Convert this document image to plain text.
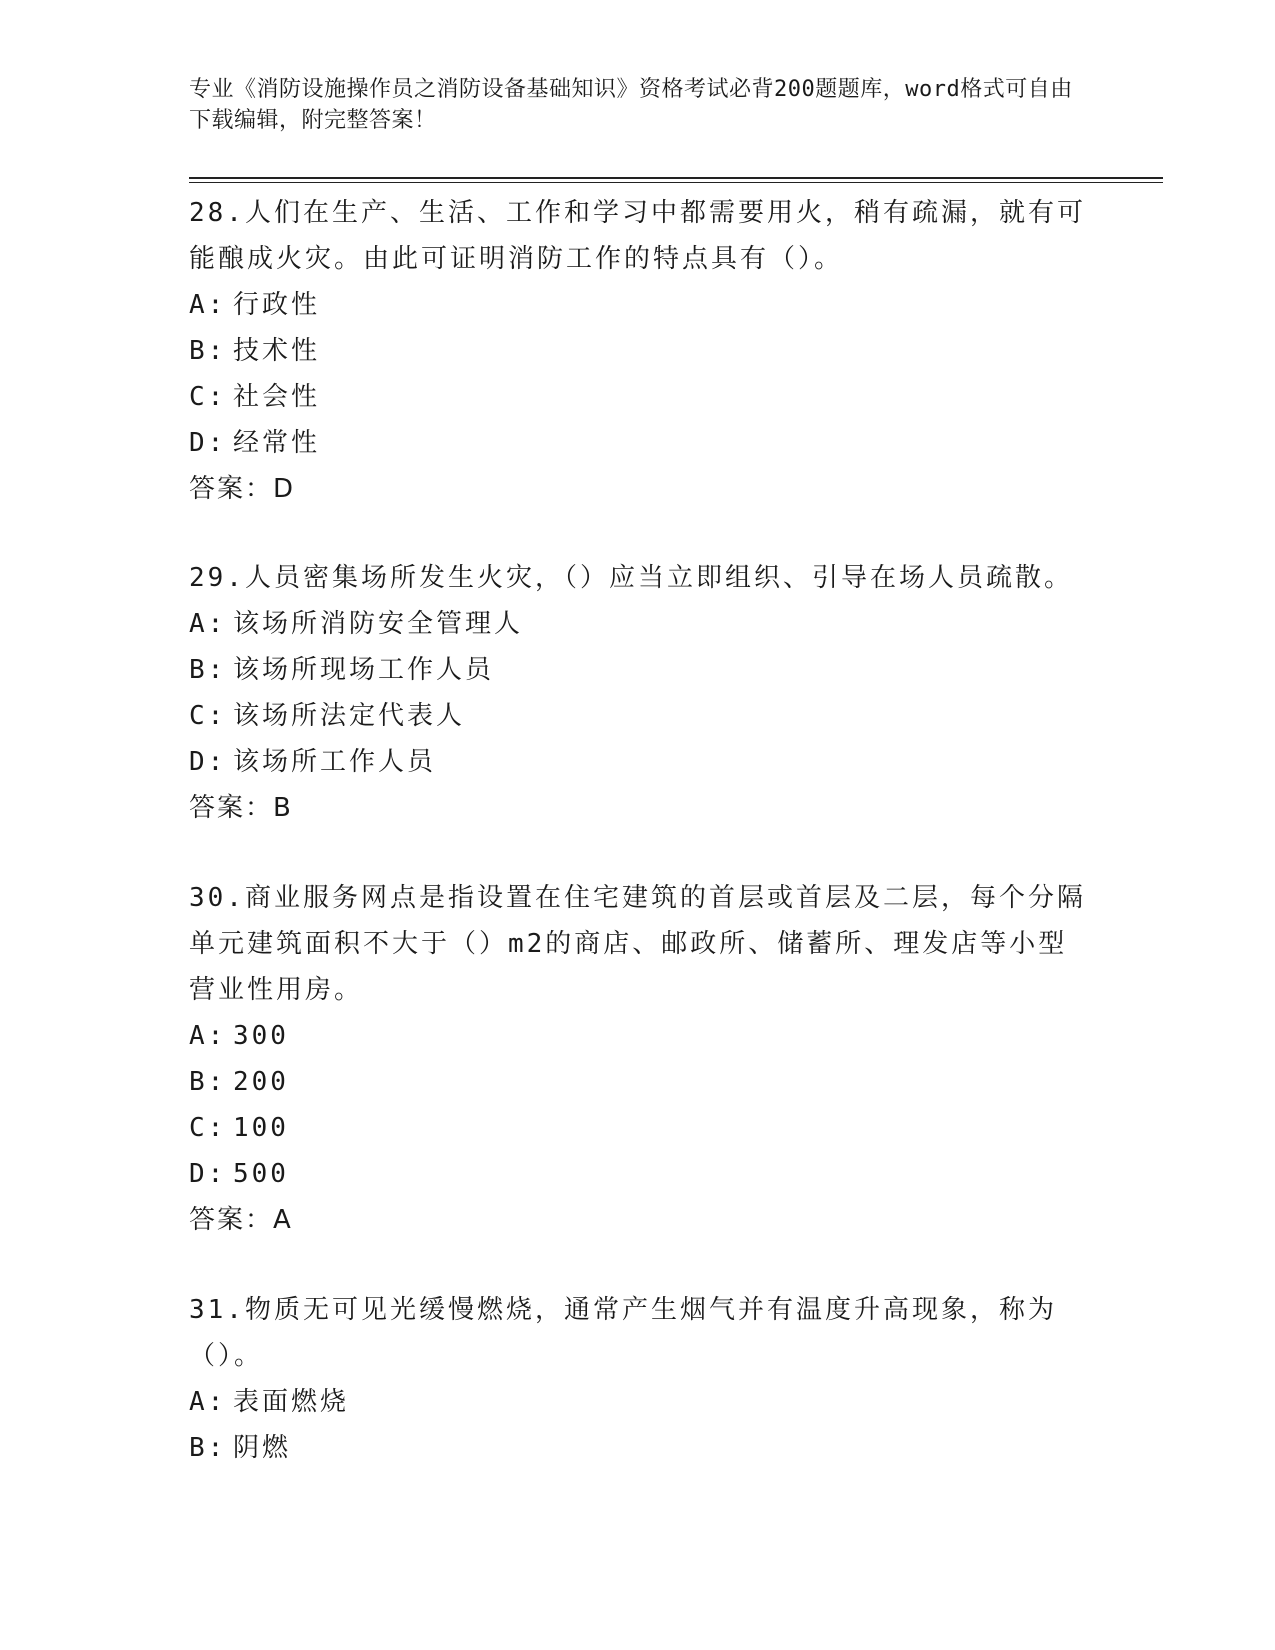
专业《消防设施操作员之消防设备基础知识》资格考试必背200题题库，word格式可自由下载编辑，附完整答案！

28.人们在生产、生活、工作和学习中都需要用火，稍有疏漏，就有可能酿成火灾。由此可证明消防工作的特点具有（）。

A: 行政性

B: 技术性

C: 社会性

D: 经常性

答案：D

29.人员密集场所发生火灾，（）应当立即组织、引导在场人员疏散。

A: 该场所消防安全管理人

B: 该场所现场工作人员

C: 该场所法定代表人

D: 该场所工作人员

答案：B

30.商业服务网点是指设置在住宅建筑的首层或首层及二层，每个分隔单元建筑面积不大于（）m2的商店、邮政所、储蓄所、理发店等小型营业性用房。

A: 300

B: 200

C: 100

D: 500

答案：A

31.物质无可见光缓慢燃烧，通常产生烟气并有温度升高现象，称为（）。

A: 表面燃烧

B: 阴燃
